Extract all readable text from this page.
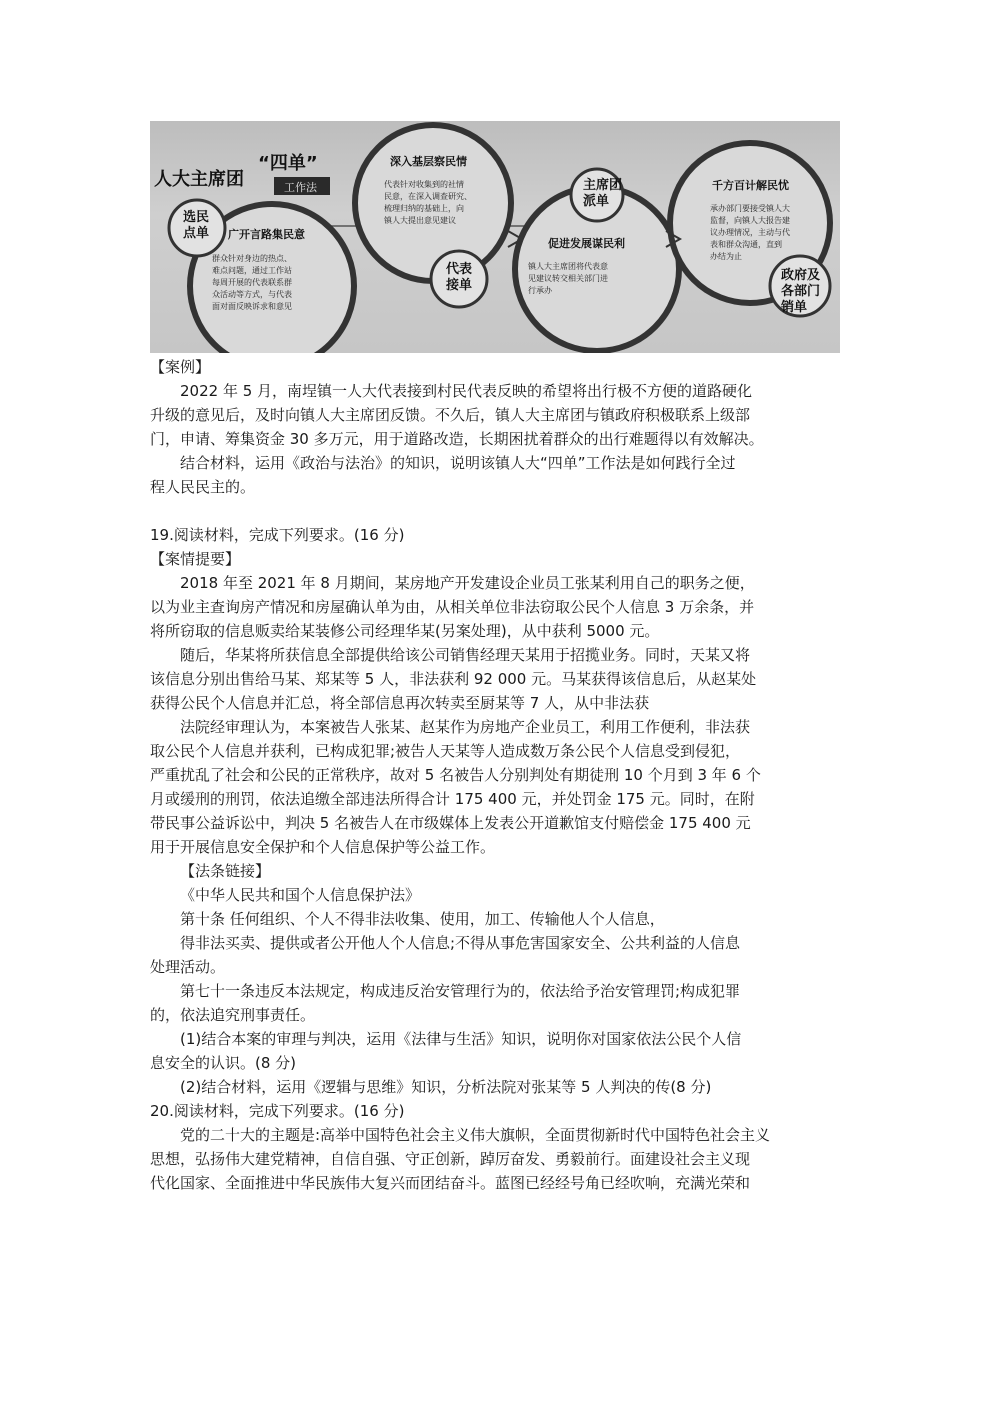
人大主席团
“四单”
工作法
选民
点单 广开言路集民意
群众针对身边的热点、
难点问题，通过工作站
每周开展的代表联系群
众活动等方式，与代表
面对面反映诉求和意见
代表
接单
深入基层察民情
代表针对收集到的社情
民意，在深入调查研究、
梳理归纳的基础上，向
镇人大提出意见建议
主席团
派单
促进发展谋民利
镇人大主席团将代表意
见建议转交相关部门进
行承办
政府及
各部门
销单
千方百计解民忧
承办部门要接受镇人大
监督，向镇人大报告建
议办理情况，主动与代
表和群众沟通，直到
办结为止
【案例】
2022 年 5 月，南埕镇一人大代表接到村民代表反映的希望将出行极不方便的道路硬化
升级的意见后，及时向镇人大主席团反馈。不久后，镇人大主席团与镇政府积极联系上级部
门，申请、筹集资金 30 多万元，用于道路改造，长期困扰着群众的出行难题得以有效解决。
结合材料，运用《政治与法治》的知识，说明该镇人大“四单”工作法是如何践行全过
程人民民主的。

19.阅读材料，完成下列要求。(16 分)
【案情提要】
2018 年至 2021 年 8 月期间，某房地产开发建设企业员工张某利用自己的职务之便，
以为业主查询房产情况和房屋确认单为由，从相关单位非法窃取公民个人信息 3 万余条，并
将所窃取的信息贩卖给某装修公司经理华某(另案处理)，从中获利 5000 元。
随后，华某将所获信息全部提供给该公司销售经理天某用于招揽业务。同时，天某又将
该信息分别出售给马某、郑某等 5 人，非法获利 92 000 元。马某获得该信息后，从赵某处
获得公民个人信息并汇总，将全部信息再次转卖至厨某等 7 人，从中非法获
法院经审理认为，本案被告人张某、赵某作为房地产企业员工，利用工作便利，非法获
取公民个人信息并获利，已构成犯罪;被告人天某等人造成数万条公民个人信息受到侵犯，
严重扰乱了社会和公民的正常秩序，故对 5 名被告人分别判处有期徒刑 10 个月到 3 年 6 个
月或缓刑的刑罚，依法追缴全部违法所得合计 175 400 元，并处罚金 175 元。同时，在附
带民事公益诉讼中，判决 5 名被告人在市级媒体上发表公开道歉馆支付赔偿金 175 400 元
用于开展信息安全保护和个人信息保护等公益工作。
【法条链接】
《中华人民共和国个人信息保护法》
第十条 任何组织、个人不得非法收集、使用，加工、传输他人个人信息，
得非法买卖、提供或者公开他人个人信息;不得从事危害国家安全、公共利益的人信息
处理活动。
第七十一条违反本法规定，构成违反治安管理行为的，依法给予治安管理罚;构成犯罪
的，依法追究刑事责任。
(1)结合本案的审理与判决，运用《法律与生活》知识，说明你对国家依法公民个人信
息安全的认识。(8 分)
(2)结合材料，运用《逻辑与思维》知识，分析法院对张某等 5 人判决的传(8 分)
20.阅读材料，完成下列要求。(16 分)
党的二十大的主题是:高举中国特色社会主义伟大旗帜，全面贯彻新时代中国特色社会主义
思想，弘扬伟大建党精神，自信自强、守正创新，踔厉奋发、勇毅前行。面建设社会主义现
代化国家、全面推进中华民族伟大复兴而团结奋斗。蓝图已经经号角已经吹响，充满光荣和
